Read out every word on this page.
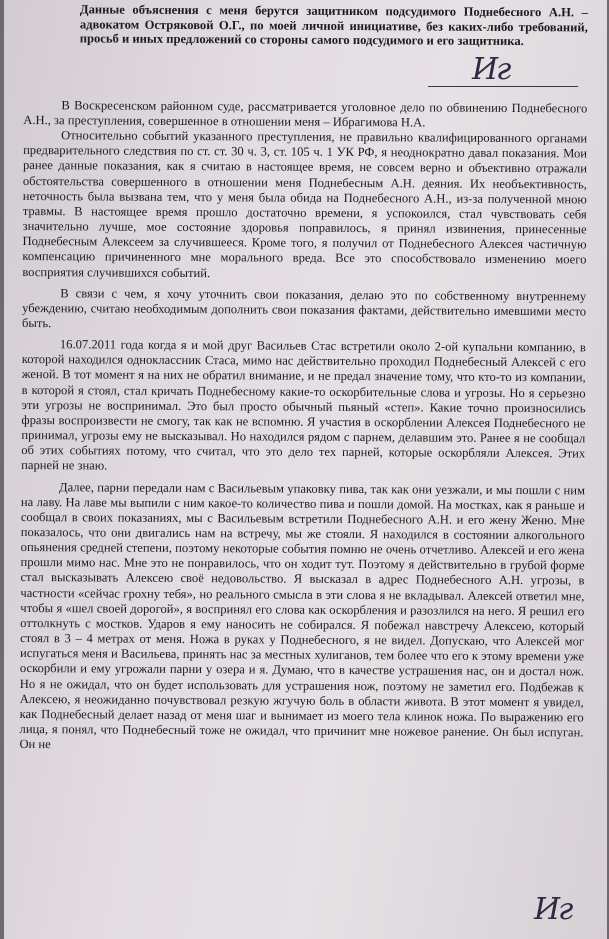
Данные объяснения с меня берутся защитником подсудимого Поднебесного А.Н. – адвокатом Остряковой О.Г., по моей личной инициативе, без каких-либо требований, просьб и иных предложений со стороны самого подсудимого и его защитника.

В Воскресенском районном суде, рассматривается уголовное дело по обвинению Поднебесного А.Н., за преступления, совершенное в отношении меня – Ибрагимова Н.А.

Относительно событий указанного преступления, не правильно квалифицированного органами предварительного следствия по ст. ст. 30 ч. 3, ст. 105 ч. 1 УК РФ, я неоднократно давал показания. Мои ранее данные показания, как я считаю в настоящее время, не совсем верно и объективно отражали обстоятельства совершенного в отношении меня Поднебесным А.Н. деяния. Их необъективность, неточность была вызвана тем, что у меня была обида на Поднебесного А.Н., из-за полученной мною травмы. В настоящее время прошло достаточно времени, я успокоился, стал чувствовать себя значительно лучше, мое состояние здоровья поправилось, я принял извинения, принесенные Поднебесным Алексеем за случившееся. Кроме того, я получил от Поднебесного Алексея частичную компенсацию причиненного мне морального вреда. Все это способствовало изменению моего восприятия случившихся событий.

В связи с чем, я хочу уточнить свои показания, делаю это по собственному внутреннему убеждению, считаю необходимым дополнить свои показания фактами, действительно имевшими место быть.

16.07.2011 года когда я и мой друг Васильев Стас встретили около 2-ой купальни компанию, в которой находился одноклассник Стаса, мимо нас действительно проходил Поднебесный Алексей с его женой. В тот момент я на них не обратил внимание, и не предал значение тому, что кто-то из компании, в которой я стоял, стал кричать Поднебесному какие-то оскорбительные слова и угрозы. Но я серьезно эти угрозы не воспринимал. Это был просто обычный пьяный «степ». Какие точно произносились фразы воспроизвести не смогу, так как не вспомню. Я участия в оскорблении Алексея Поднебесного не принимал, угрозы ему не высказывал. Но находился рядом с парнем, делавшим это. Ранее я не сообщал об этих событиях потому, что считал, что это дело тех парней, которые оскорбляли Алексея. Этих парней не знаю.

Далее, парни передали нам с Васильевым упаковку пива, так как они уезжали, и мы пошли с ним на лаву. На лаве мы выпили с ним какое-то количество пива и пошли домой. На мостках, как я раньше и сообщал в своих показаниях, мы с Васильевым встретили Поднебесного А.Н. и его жену Женю. Мне показалось, что они двигались нам на встречу, мы же стояли. Я находился в состоянии алкогольного опьянения средней степени, поэтому некоторые события помню не очень отчетливо. Алексей и его жена прошли мимо нас. Мне это не понравилось, что он ходит тут. Поэтому я действительно в грубой форме стал высказывать Алексею своё недовольство. Я высказал в адрес Поднебесного А.Н. угрозы, в частности «сейчас грохну тебя», но реального смысла в эти слова я не вкладывал. Алексей ответил мне, чтобы я «шел своей дорогой», я воспринял его слова как оскорбления и разозлился на него. Я решил его оттолкнуть с мостков. Ударов я ему наносить не собирался. Я побежал навстречу Алексею, который стоял в 3 – 4 метрах от меня. Ножа в руках у Поднебесного, я не видел. Допускаю, что Алексей мог испугаться меня и Васильева, принять нас за местных хулиганов, тем более что его к этому времени уже оскорбили и ему угрожали парни у озера и я. Думаю, что в качестве устрашения нас, он и достал нож. Но я не ожидал, что он будет использовать для устрашения нож, поэтому не заметил его. Подбежав к Алексею, я неожиданно почувствовал резкую жгучую боль в области живота. В этот момент я увидел, как Поднебесный делает назад от меня шаг и вынимает из моего тела клинок ножа. По выражению его лица, я понял, что Поднебесный тоже не ожидал, что причинит мне ножевое ранение. Он был испуган. Он не

Иг
Иг
